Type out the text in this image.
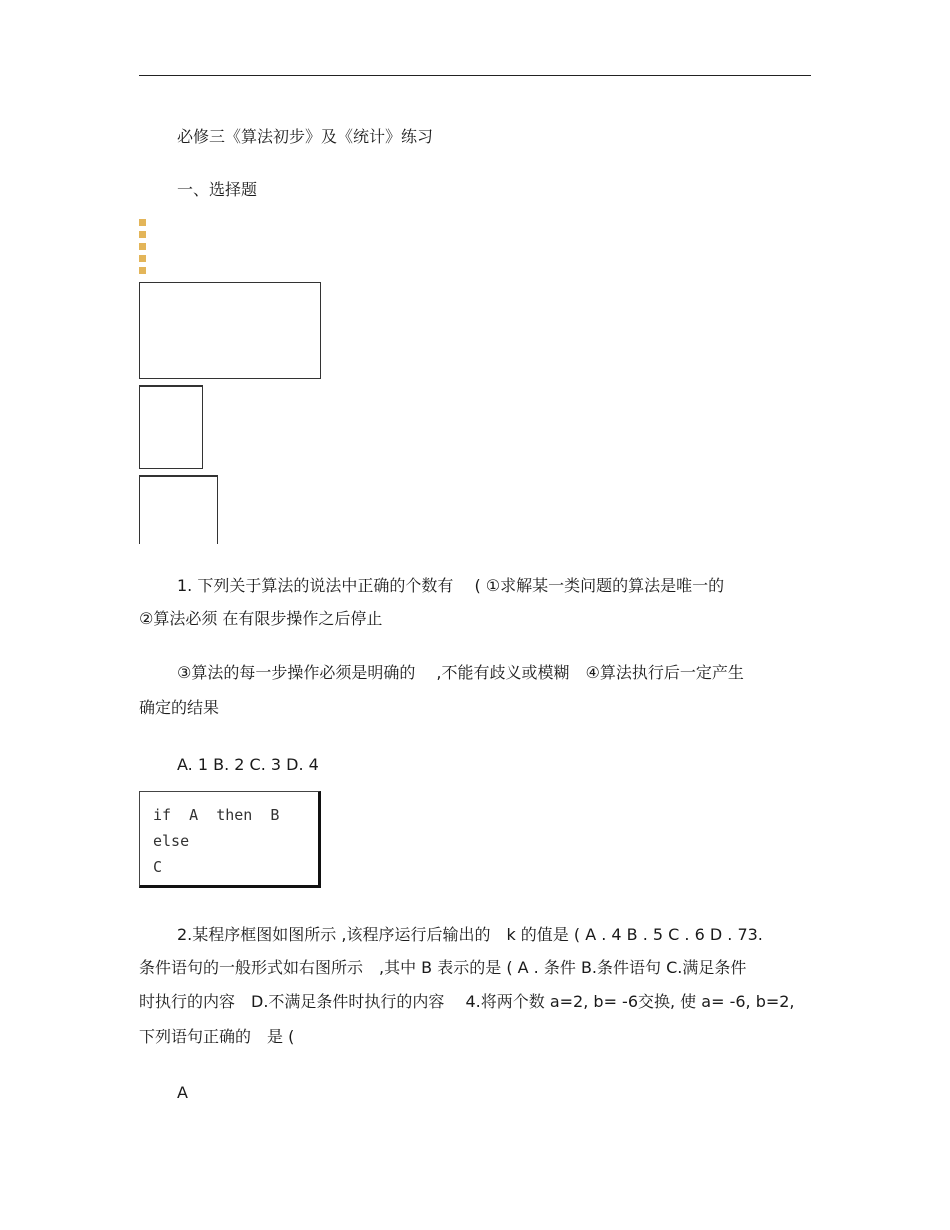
必修三《算法初步》及《统计》练习
一、选择题
1. 下列关于算法的说法中正确的个数有　 ( ①求解某一类问题的算法是唯一的
②算法必须 在有限步操作之后停止
③算法的每一步操作必须是明确的　 ,不能有歧义或模糊　④算法执行后一定产生
确定的结果
A. 1 B. 2 C. 3 D. 4
if  A  then  B
else
C
2.某程序框图如图所示 ,该程序运行后输出的　k 的值是 ( A . 4 B . 5 C . 6 D . 73.
条件语句的一般形式如右图所示　,其中 B 表示的是 ( A . 条件 B.条件语句 C.满足条件
时执行的内容　D.不满足条件时执行的内容　 4.将两个数 a=2, b= -6交换, 使 a= -6, b=2,
下列语句正确的　是 (
A
